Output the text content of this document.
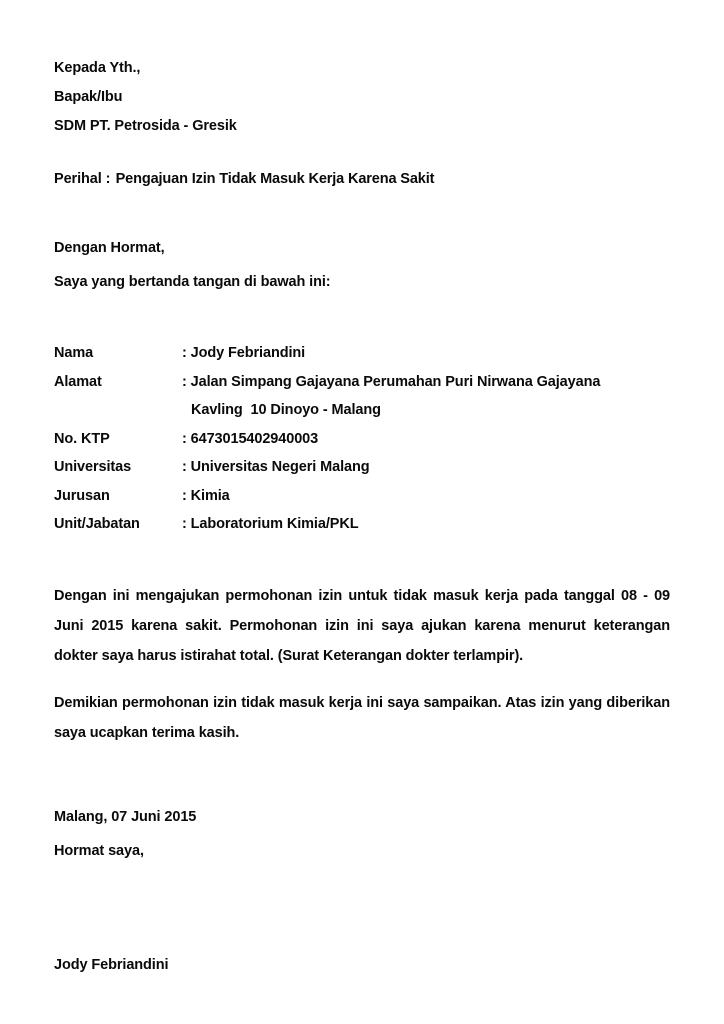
Kepada Yth.,
Bapak/Ibu
SDM PT. Petrosida - Gresik
Perihal : Pengajuan Izin Tidak Masuk Kerja Karena Sakit
Dengan Hormat,
Saya yang bertanda tangan di bawah ini:
Nama	: Jody Febriandini
Alamat	: Jalan Simpang Gajayana Perumahan Puri Nirwana Gajayana
	Kavling  10 Dinoyo - Malang
No. KTP	: 6473015402940003
Universitas	: Universitas Negeri Malang
Jurusan	: Kimia
Unit/Jabatan	: Laboratorium Kimia/PKL

Dengan ini mengajukan permohonan izin untuk tidak masuk kerja pada tanggal 08 - 09 Juni 2015 karena sakit. Permohonan izin ini saya ajukan karena menurut keterangan dokter saya harus istirahat total. (Surat Keterangan dokter terlampir).

Demikian permohonan izin tidak masuk kerja ini saya sampaikan. Atas izin yang diberikan saya ucapkan terima kasih.

Malang, 07 Juni 2015
Hormat saya,
Jody Febriandini
